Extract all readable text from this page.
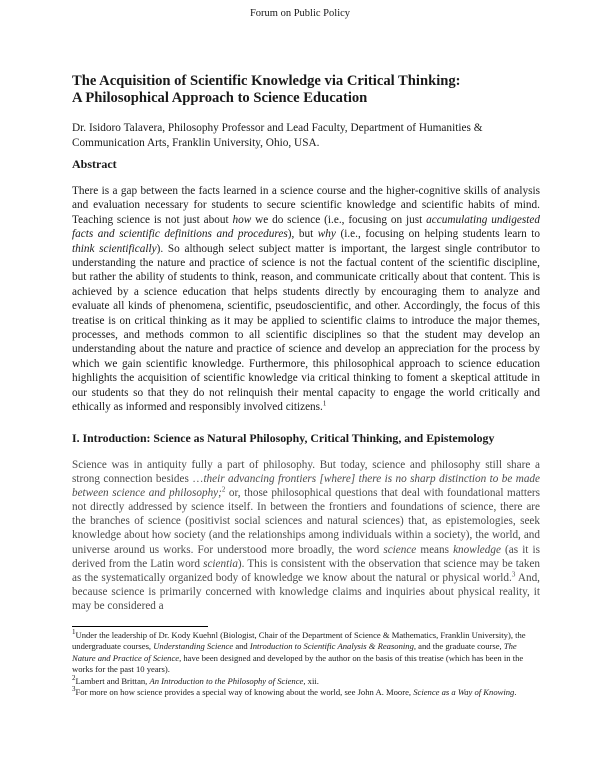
Forum on Public Policy
The Acquisition of Scientific Knowledge via Critical Thinking:
A Philosophical Approach to Science Education
Dr. Isidoro Talavera, Philosophy Professor and Lead Faculty, Department of Humanities & Communication Arts, Franklin University, Ohio, USA.
Abstract

There is a gap between the facts learned in a science course and the higher-cognitive skills of analysis and evaluation necessary for students to secure scientific knowledge and scientific habits of mind. Teaching science is not just about how we do science (i.e., focusing on just accumulating undigested facts and scientific definitions and procedures), but why (i.e., focusing on helping students learn to think scientifically). So although select subject matter is important, the largest single contributor to understanding the nature and practice of science is not the factual content of the scientific discipline, but rather the ability of students to think, reason, and communicate critically about that content. This is achieved by a science education that helps students directly by encouraging them to analyze and evaluate all kinds of phenomena, scientific, pseudoscientific, and other. Accordingly, the focus of this treatise is on critical thinking as it may be applied to scientific claims to introduce the major themes, processes, and methods common to all scientific disciplines so that the student may develop an understanding about the nature and practice of science and develop an appreciation for the process by which we gain scientific knowledge. Furthermore, this philosophical approach to science education highlights the acquisition of scientific knowledge via critical thinking to foment a skeptical attitude in our students so that they do not relinquish their mental capacity to engage the world critically and ethically as informed and responsibly involved citizens.$^1$

I. Introduction: Science as Natural Philosophy, Critical Thinking, and Epistemology

Science was in antiquity fully a part of philosophy. But today, science and philosophy still share a strong connection besides …their advancing frontiers [where] there is no sharp distinction to be made between science and philosophy;$^2$ or, those philosophical questions that deal with foundational matters not directly addressed by science itself. In between the frontiers and foundations of science, there are the branches of science (positivist social sciences and natural sciences) that, as epistemologies, seek knowledge about how society (and the relationships among individuals within a society), the world, and universe around us works. For understood more broadly, the word science means knowledge (as it is derived from the Latin word scientia). This is consistent with the observation that science may be taken as the systematically organized body of knowledge we know about the natural or physical world.$^3$ And, because science is primarily concerned with knowledge claims and inquiries about physical reality, it may be considered a

$^1$Under the leadership of Dr. Kody Kuehnl (Biologist, Chair of the Department of Science & Mathematics, Franklin University), the undergraduate courses, Understanding Science and Introduction to Scientific Analysis & Reasoning, and the graduate course, The Nature and Practice of Science, have been designed and developed by the author on the basis of this treatise (which has been in the works for the past 10 years).

$^2$Lambert and Brittan, An Introduction to the Philosophy of Science, xii.

$^3$For more on how science provides a special way of knowing about the world, see John A. Moore, Science as a Way of Knowing.
